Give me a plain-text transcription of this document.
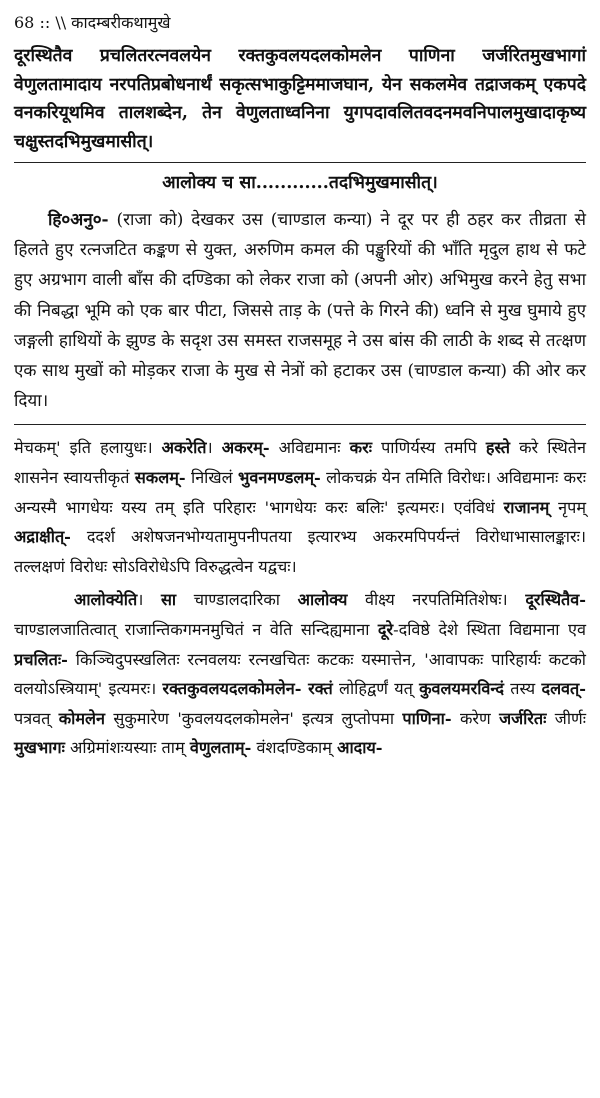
68 :: \\ कादम्बरीकथामुखे
दूरस्थितैव प्रचलितरत्नवलयेन रक्तकुवलयदलकोमलेन पाणिना जर्जरितमुखभागां वेणुलतामादाय नरपतिप्रबोधनार्थं सकृत्सभाकुट्टिममाजघान, येन सकलमेव तद्राजकम् एकपदे वनकरियूथमिव तालशब्देन, तेन वेणुलताध्वनिना युगपदावलितवदनमवनिपालमुखादाकृष्य चक्षुस्तदभिमुखमासीत्।
आलोक्य च सा............तदभिमुखमासीत्।
हि०अनु०- (राजा को) देखकर उस (चाण्डाल कन्या) ने दूर पर ही ठहर कर तीव्रता से हिलते हुए रत्नजटित कङ्कण से युक्त, अरुणिम कमल की पङ्खुरियों की भाँति मृदुल हाथ से फटे हुए अग्रभाग वाली बाँस की दण्डिका को लेकर राजा को (अपनी ओर) अभिमुख करने हेतु सभा की निबद्धा भूमि को एक बार पीटा, जिससे ताड़ के (पत्ते के गिरने की) ध्वनि से मुख घुमाये हुए जङ्गली हाथियों के झुण्ड के सदृश उस समस्त राजसमूह ने उस बांस की लाठी के शब्द से तत्क्षण एक साथ मुखों को मोड़कर राजा के मुख से नेत्रों को हटाकर उस (चाण्डाल कन्या) की ओर कर दिया।
मेचकम्' इति हलायुधः। अकरेति। अकरम्- अविद्यमानः करः पाणिर्यस्य तमपि हस्ते करे स्थितेन शासनेन स्वायत्तीकृतं सकलम्- निखिलं भुवनमण्डलम्- लोकचक्रं येन तमिति विरोधः। अविद्यमानः करः अन्यस्मै भागधेयः यस्य तम् इति परिहारः 'भागधेयः करः बलिः' इत्यमरः। एवंविधं राजानम् नृपम् अद्राक्षीत्- ददर्श अशेषजनभोग्यतामुपनीपतया इत्यारभ्य अकरमपिपर्यन्तं विरोधाभासालङ्कारः। तल्लक्षणं विरोधः सोऽविरोधेऽपि विरुद्धत्वेन यद्वचः।
आलोक्येति। सा चाण्डालदारिका आलोक्य वीक्ष्य नरपतिमितिशेषः। दूरस्थितैव- चाण्डालजातित्वात् राजान्तिकगमनमुचितं न वेति सन्दिह्यमाना दूरे-दविष्ठे देशे स्थिता विद्यमाना एव प्रचलितः- किञ्चिदुपस्खलितः रत्नवलयः रत्नखचितः कटकः यस्मात्तेन, 'आवापकः पारिहार्यः कटको वलयोऽस्त्रियाम्' इत्यमरः। रक्तकुवलयदलकोमलेन- रक्तं लोहिद्वर्णं यत् कुवलयमरविन्दं तस्य दलवत्- पत्रवत् कोमलेन सुकुमारेण 'कुवलयदलकोमलेन' इत्यत्र लुप्तोपमा पाणिना- करेण जर्जरितः जीर्णः मुखभागः अग्रिमांशःयस्याः ताम् वेणुलताम्- वंशदण्डिकाम् आदाय-
